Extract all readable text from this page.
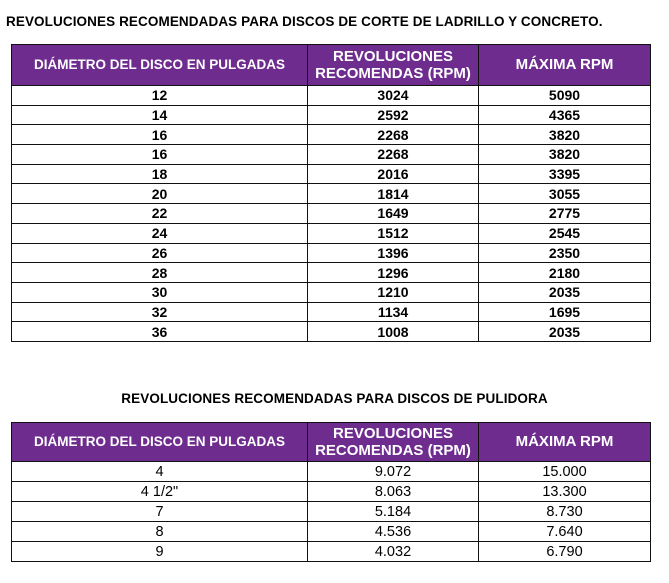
REVOLUCIONES RECOMENDADAS PARA DISCOS DE CORTE DE LADRILLO Y CONCRETO.
DIÁMETRO DEL DISCO EN PULGADAS	REVOLUCIONES RECOMENDAS (RPM)	MÁXIMA RPM
12	3024	5090
14	2592	4365
16	2268	3820
16	2268	3820
18	2016	3395
20	1814	3055
22	1649	2775
24	1512	2545
26	1396	2350
28	1296	2180
30	1210	2035
32	1134	1695
36	1008	2035
REVOLUCIONES RECOMENDADAS PARA DISCOS DE PULIDORA
DIÁMETRO DEL DISCO EN PULGADAS	REVOLUCIONES RECOMENDAS (RPM)	MÁXIMA RPM
4	9.072	15.000
4 1/2"	8.063	13.300
7	5.184	8.730
8	4.536	7.640
9	4.032	6.790
